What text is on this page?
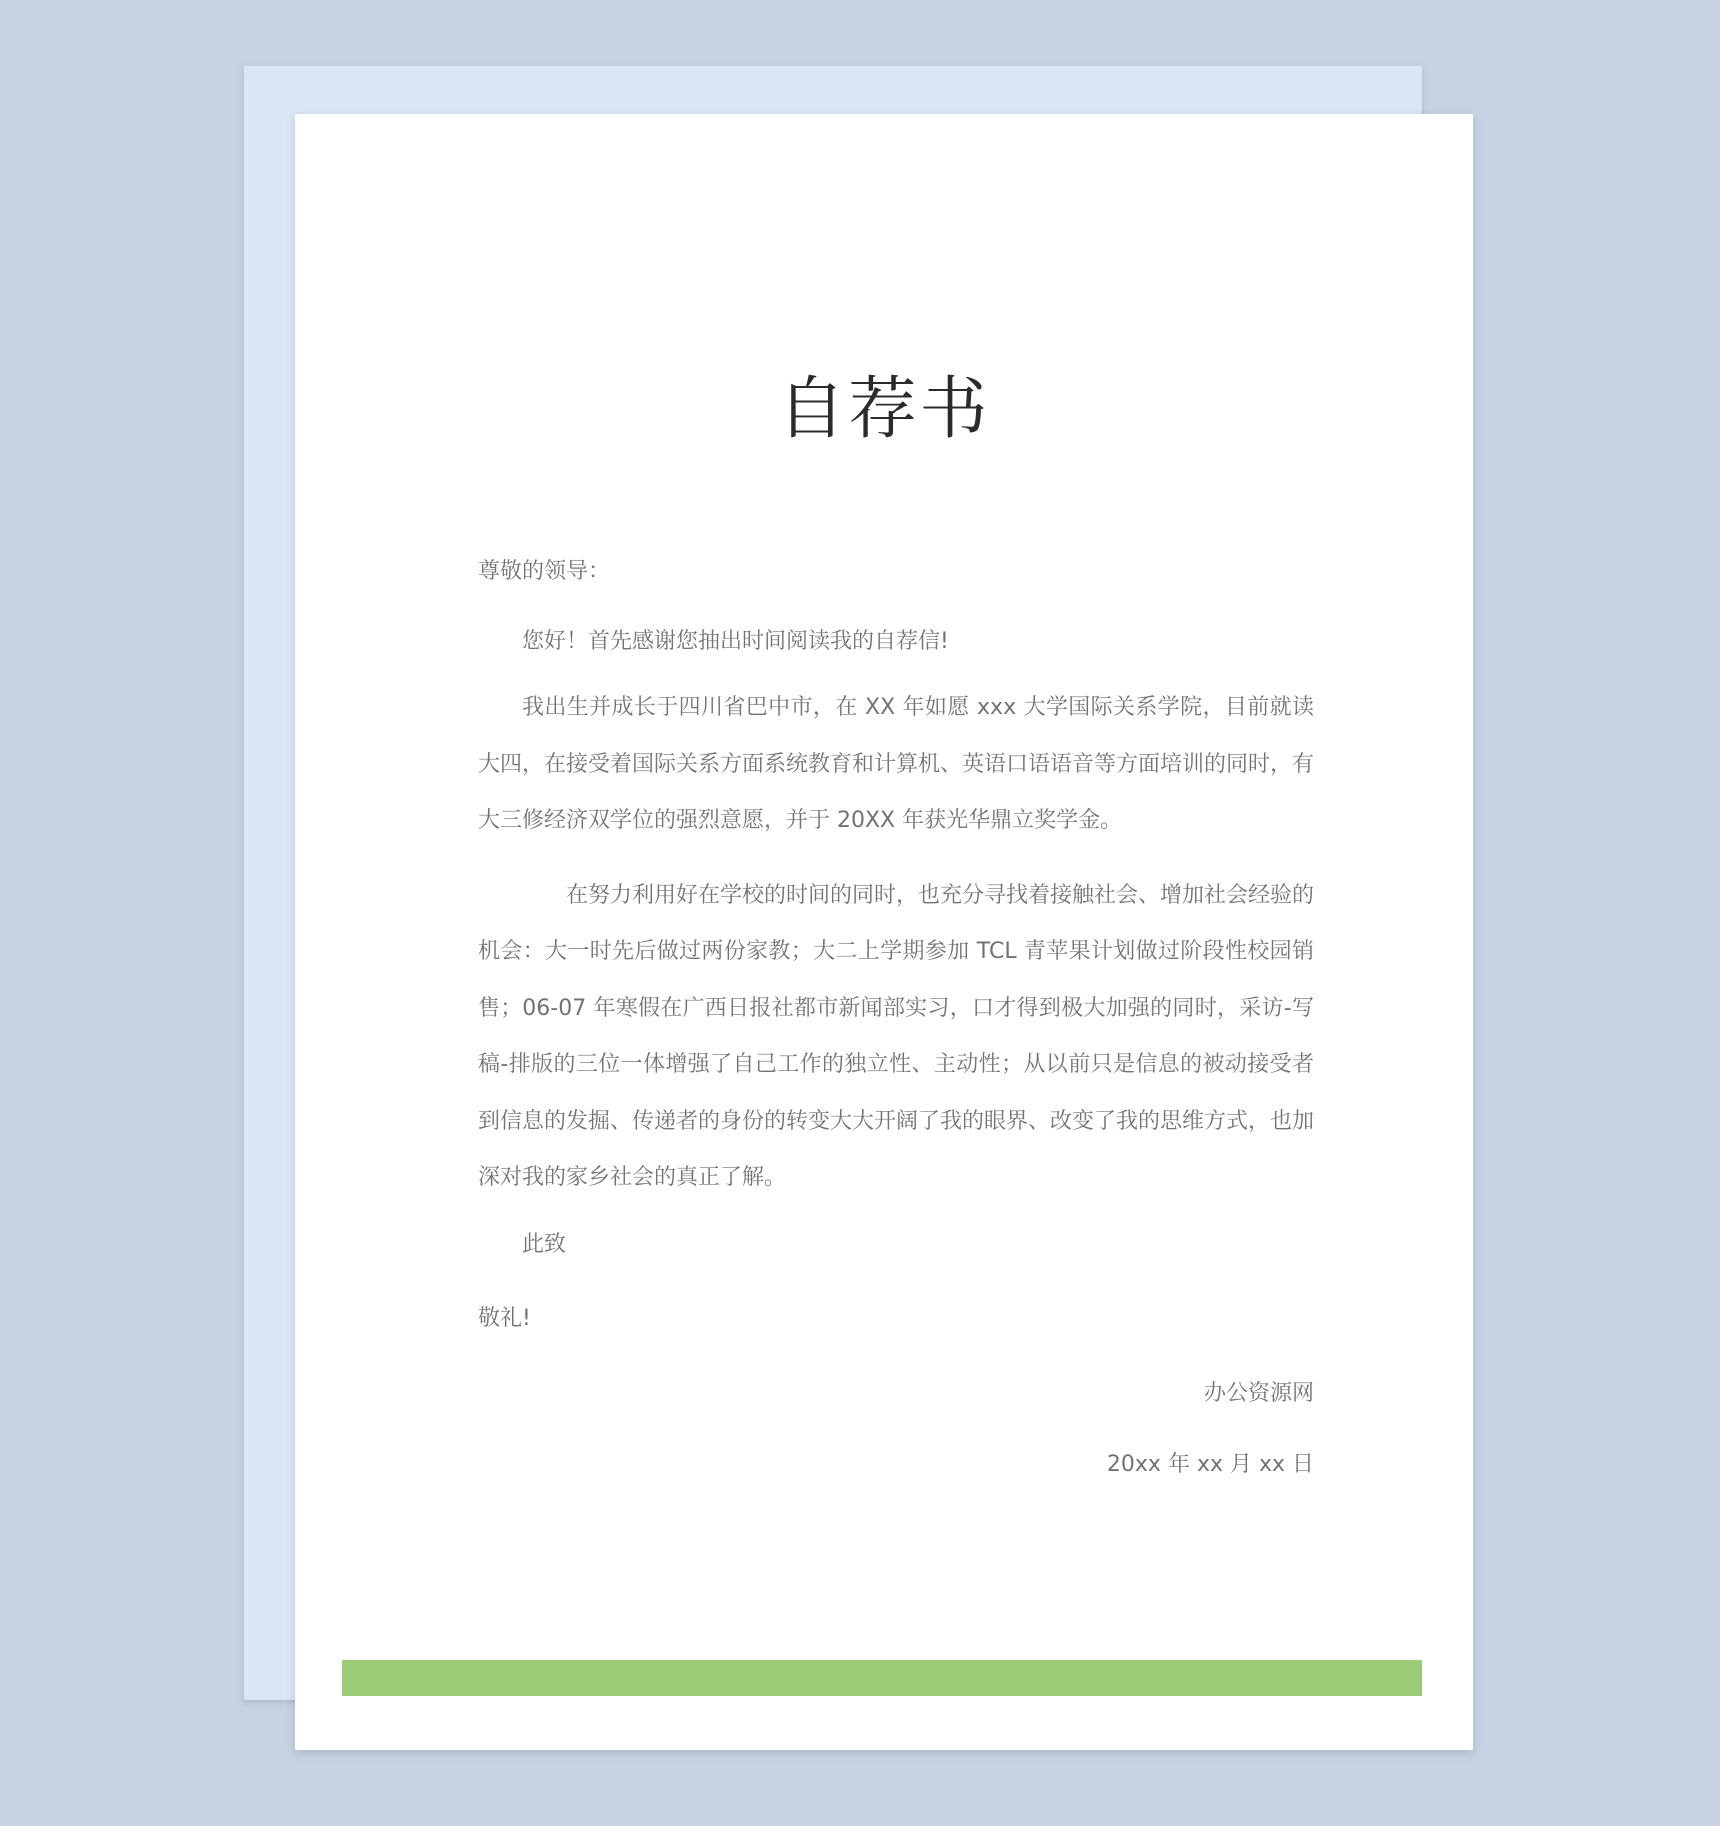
自荐书

尊敬的领导：

您好！首先感谢您抽出时间阅读我的自荐信!

我出生并成长于四川省巴中市，在 XX 年如愿 xxx 大学国际关系学院，目前就读大四，在接受着国际关系方面系统教育和计算机、英语口语语音等方面培训的同时，有大三修经济双学位的强烈意愿，并于 20XX 年获光华鼎立奖学金。

在努力利用好在学校的时间的同时，也充分寻找着接触社会、增加社会经验的机会：大一时先后做过两份家教；大二上学期参加 TCL 青苹果计划做过阶段性校园销售；06-07 年寒假在广西日报社都市新闻部实习，口才得到极大加强的同时，采访-写稿-排版的三位一体增强了自己工作的独立性、主动性；从以前只是信息的被动接受者到信息的发掘、传递者的身份的转变大大开阔了我的眼界、改变了我的思维方式，也加深对我的家乡社会的真正了解。

此致

敬礼!

办公资源网

20xx 年 xx 月 xx 日
